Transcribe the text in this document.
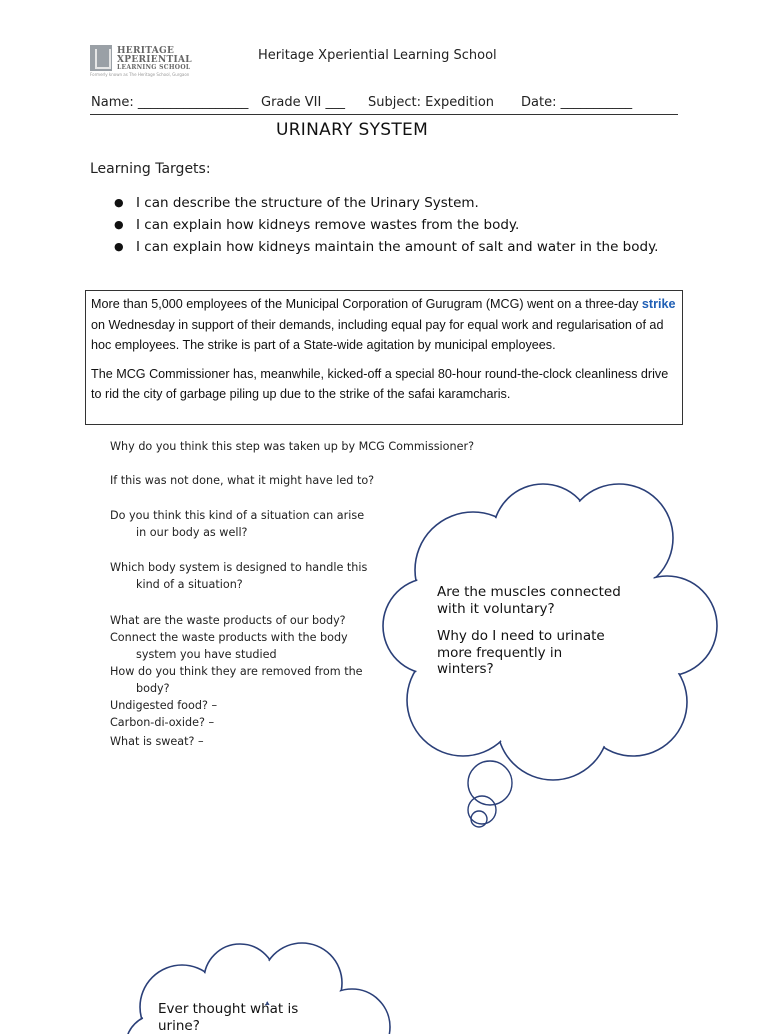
HERITAGE
XPERIENTIAL
LEARNING SCHOOL
Formerly known as The Heritage School, Gurgaon
Heritage Xperiential Learning School
Name: _________________ Grade VII ___ Subject: Expedition Date: ___________
URINARY SYSTEM
Learning Targets:
● I can describe the structure of the Urinary System.
● I can explain how kidneys remove wastes from the body.
● I can explain how kidneys maintain the amount of salt and water in the body.

More than 5,000 employees of the Municipal Corporation of Gurugram (MCG) went on a three-day strike on Wednesday in support of their demands, including equal pay for equal work and regularisation of ad hoc employees. The strike is part of a State-wide agitation by municipal employees.

The MCG Commissioner has, meanwhile, kicked-off a special 80-hour round-the-clock cleanliness drive to rid the city of garbage piling up due to the strike of the safai karamcharis.

Why do you think this step was taken up by MCG Commissioner?
If this was not done, what it might have led to?
Do you think this kind of a situation can arise
in our body as well?
Which body system is designed to handle this
kind of a situation?
What are the waste products of our body?
Connect the waste products with the body
system you have studied
How do you think they are removed from the
body?
Undigested food? –
Carbon-di-oxide? –
What is sweat? –
Are the muscles connected
with it voluntary?
Why do I need to urinate
more frequently in
winters?
Ever thought what is
urine?
